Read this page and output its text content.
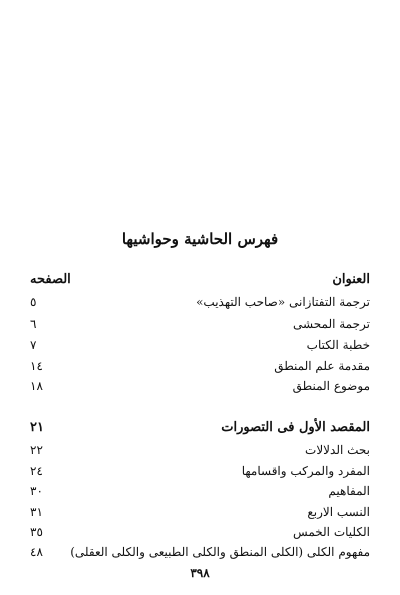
فهرس الحاشية وحواشيها
العنوان
الصفحه
ترجمة التفتازانى «صاحب التهذيب»
٥
ترجمة المحشى
٦
خطبة الكتاب
٧
مقدمة علم المنطق
١٤
موضوع المنطق
١٨
المقصد الأول فى التصورات
٢١
بحث الدلالات
٢٢
المفرد والمركب واقسامها
٢٤
المفاهيم
٣٠
النسب الاربع
٣١
الكليات الخمس
٣٥
مفهوم الكلى (الكلى المنطق والكلى الطبيعى والكلى العقلى)
٤٨
٣٩٨
